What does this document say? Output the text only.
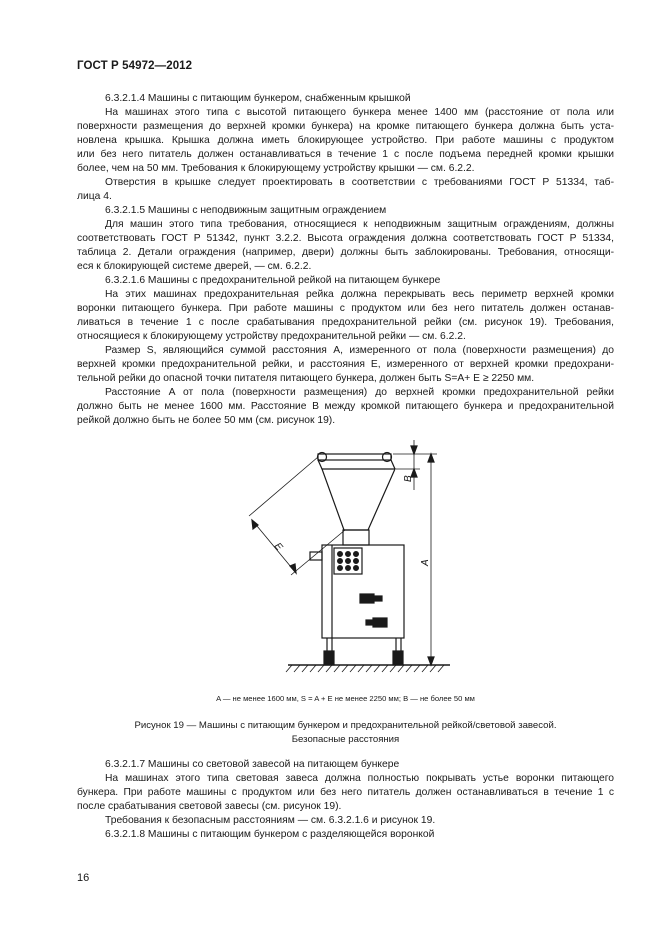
ГОСТ Р 54972—2012
6.3.2.1.4 Машины с питающим бункером, снабженным крышкой
На машинах этого типа с высотой питающего бункера менее 1400 мм (расстояние от пола или
поверхности размещения до верхней кромки бункера) на кромке питающего бункера должна быть уста-
новлена крышка. Крышка должна иметь блокирующее устройство. При работе машины с продуктом
или без него питатель должен останавливаться в течение 1 с после подъема передней кромки крышки
более, чем на 50 мм. Требования к блокирующему устройству крышки — см. 6.2.2.
Отверстия в крышке следует проектировать в соответствии с требованиями ГОСТ Р 51334, таб-
лица 4.
6.3.2.1.5 Машины с неподвижным защитным ограждением
Для машин этого типа требования, относящиеся к неподвижным защитным ограждениям, должны
соответствовать ГОСТ Р 51342, пункт 3.2.2. Высота ограждения должна соответствовать ГОСТ Р 51334,
таблица 2. Детали ограждения (например, двери) должны быть заблокированы. Требования, относящи-
еся к блокирующей системе дверей, — см. 6.2.2.
6.3.2.1.6 Машины с предохранительной рейкой на питающем бункере
На этих машинах предохранительная рейка должна перекрывать весь периметр верхней кромки
воронки питающего бункера. При работе машины с продуктом или без него питатель должен останав-
ливаться в течение 1 с после срабатывания предохранительной рейки (см. рисунок 19). Требования,
относящиеся к блокирующему устройству предохранительной рейки — см. 6.2.2.
Размер S, являющийся суммой расстояния A, измеренного от пола (поверхности размещения) до
верхней кромки предохранительной рейки, и расстояния E, измеренного от верхней кромки предохрани-
тельной рейки до опасной точки питателя питающего бункера, должен быть S=A+ E ≥ 2250 мм.
Расстояние A от пола (поверхности размещения) до верхней кромки предохранительной рейки
должно быть не менее 1600 мм. Расстояние B между кромкой питающего бункера и предохранительной
рейкой должно быть не более 50 мм (см. рисунок 19).
A
B
E
A — не менее 1600 мм, S = A + E не менее 2250 мм; B — не более 50 мм
Рисунок 19 — Машины с питающим бункером и предохранительной рейкой/световой завесой.
Безопасные расстояния
6.3.2.1.7 Машины со световой завесой на питающем бункере
На машинах этого типа световая завеса должна полностью покрывать устье воронки питающего
бункера. При работе машины с продуктом или без него питатель должен останавливаться в течение 1 с
после срабатывания световой завесы (см. рисунок 19).
Требования к безопасным расстояниям — см. 6.3.2.1.6 и рисунок 19.
6.3.2.1.8 Машины с питающим бункером с разделяющейся воронкой
16
